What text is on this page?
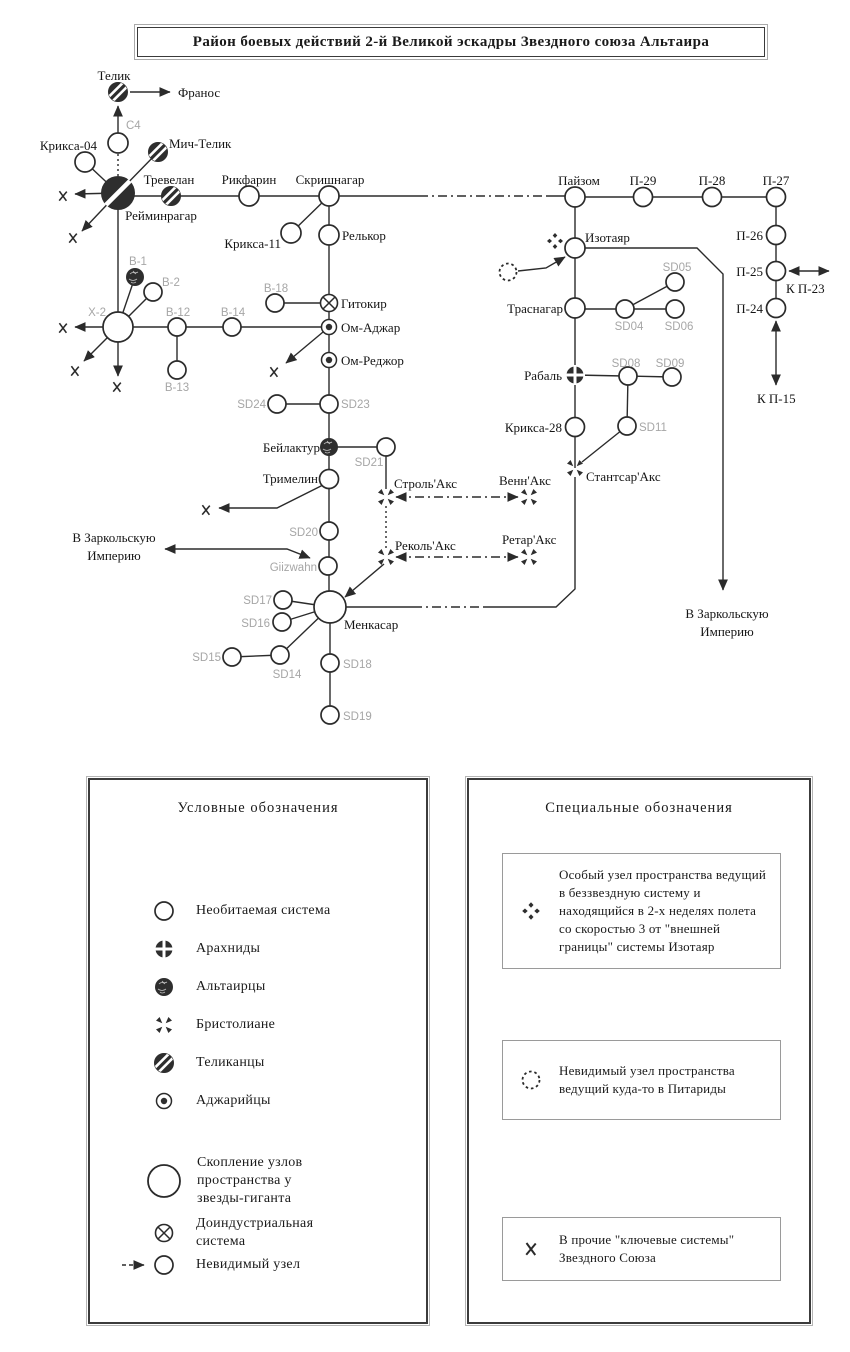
Район боевых действий 2-й Великой эскадры Звездного союза Альтаира
Телик
Франос
C4
Крикса-04	Мич-Телик
Тревелан
Рейминрагар
Рикфарин Скришнагар
Крикса-11
Релькор
B-18
Гитокир
Ом-Аджар
Ом-Реджор
B-1
B-2
X-2	B-12	B-14
B-13
SD24	SD23
Бейлактур
SD21
Тримелин	Строль'Акс	Венн'Акс
Реколь'Акс	Ретар'Акс
SD20
Giizwahn
Менкасар
SD17
SD16
SD15
SD14
SD18
SD19
Пайзом П-29	П-28	П-27
П-26
П-25
П-24
К П-23
К П-15
Изотаяр
Траснагар
SD04
SD05
SD06
Рабаль
SD08 SD09
SD11
Крикса-28
Стантсар'Акс
В Заркольскую
Империю
В Заркольскую
Империю
Условные обозначения
Необитаемая система
Арахниды
Альтаирцы
Бристолиане
Теликанцы
Аджарийцы
Скопление узлов
пространства у
звезды-гиганта
Доиндустриальная
система
Невидимый узел
Специальные обозначения
Особый узел пространства ведущий в беззвездную систему и находящийся в 2-х неделях полета со скоростью 3 от "внешней границы" системы Изотаяр
Невидимый узел пространства ведущий куда-то в Питариды
В прочие "ключевые системы" Звездного Союза
